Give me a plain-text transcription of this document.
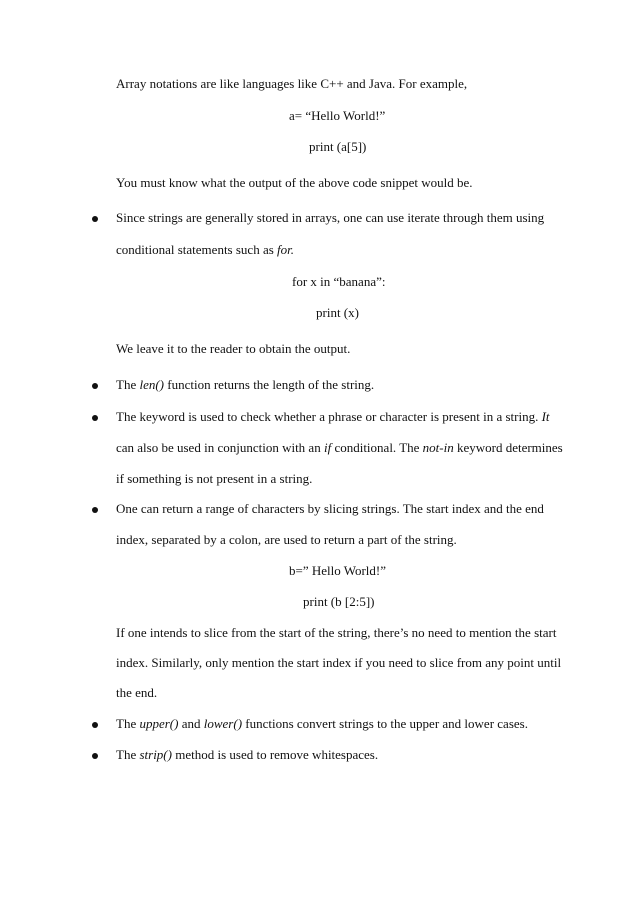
Array notations are like languages like C++ and Java. For example,
a= “Hello World!”
print (a[5])
You must know what the output of the above code snippet would be.
Since strings are generally stored in arrays, one can use iterate through them using
conditional statements such as for.
for x in “banana”:
print (x)
We leave it to the reader to obtain the output.
The len() function returns the length of the string.
The keyword is used to check whether a phrase or character is present in a string. It
can also be used in conjunction with an if conditional. The not-in keyword determines
if something is not present in a string.
One can return a range of characters by slicing strings. The start index and the end
index, separated by a colon, are used to return a part of the string.
b=” Hello World!”
print (b [2:5])
If one intends to slice from the start of the string, there’s no need to mention the start
index. Similarly, only mention the start index if you need to slice from any point until
the end.
The upper() and lower() functions convert strings to the upper and lower cases.
The strip() method is used to remove whitespaces.
